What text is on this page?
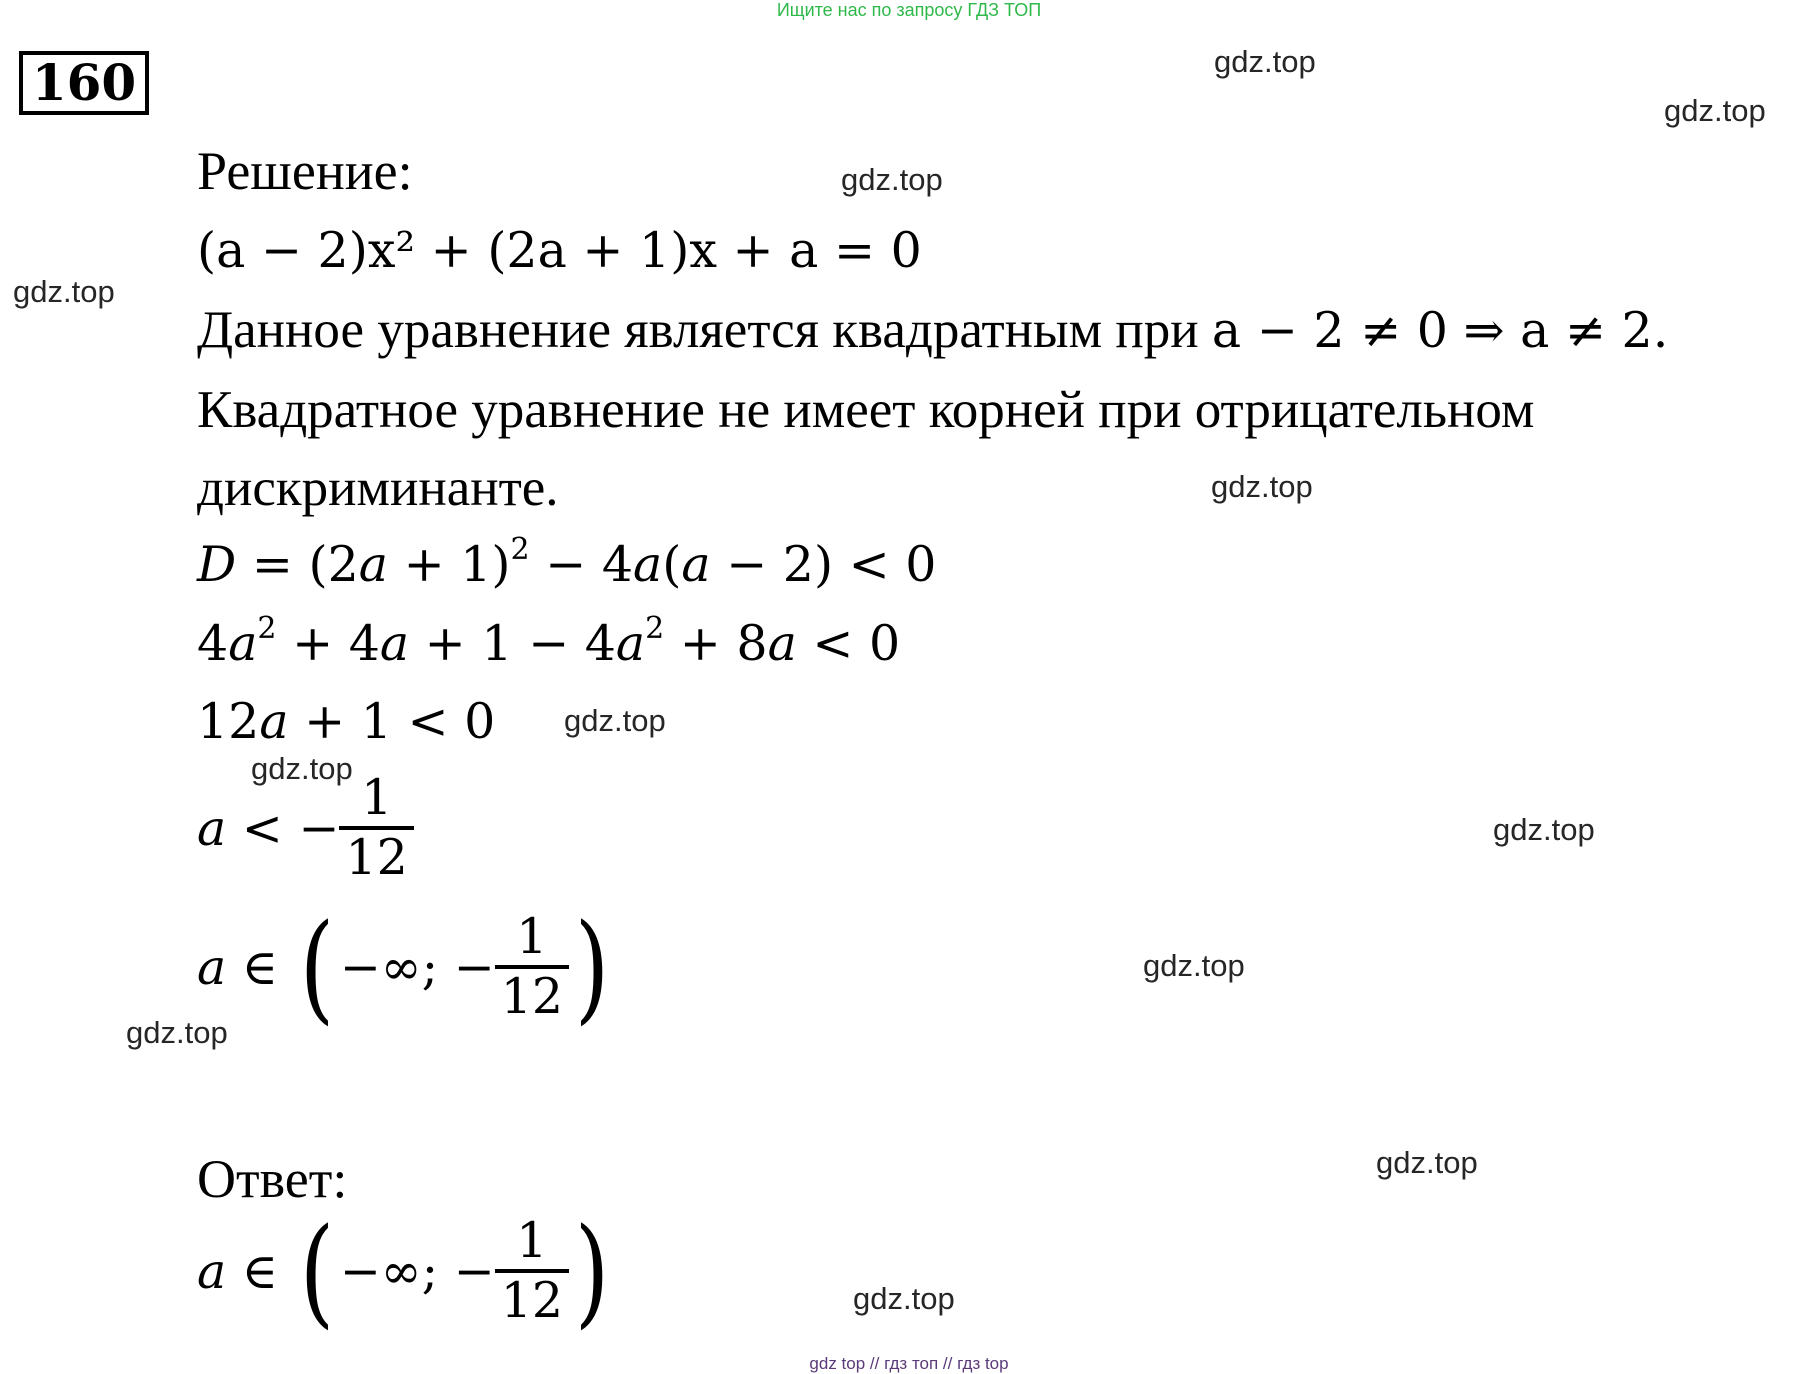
Ищите нас по запросу ГДЗ ТОП
160	gdz.top
gdz.top
gdz.top
gdz.top
gdz.top
gdz.top
gdz.top
gdz.top
gdz.top
gdz.top
gdz.top
gdz.top
Решение:
(a − 2)x² + (2a + 1)x + a = 0
Данное уравнение является квадратным при a − 2 ≠ 0 ⇒ a ≠ 2.
Квадратное уравнение не имеет корней при отрицательном
дискриминанте.
$D = (2a + 1)^2 - 4a(a - 2) < 0$
$4a^2 + 4a + 1 - 4a^2 + 8a < 0$
12a + 1 < 0
a < − $\frac{1}{12}$
a ∈ ( −∞; − $\frac{1}{12}$ )
Ответ:
a ∈ ( −∞; − $\frac{1}{12}$ )
gdz top // гдз топ // гдз top
